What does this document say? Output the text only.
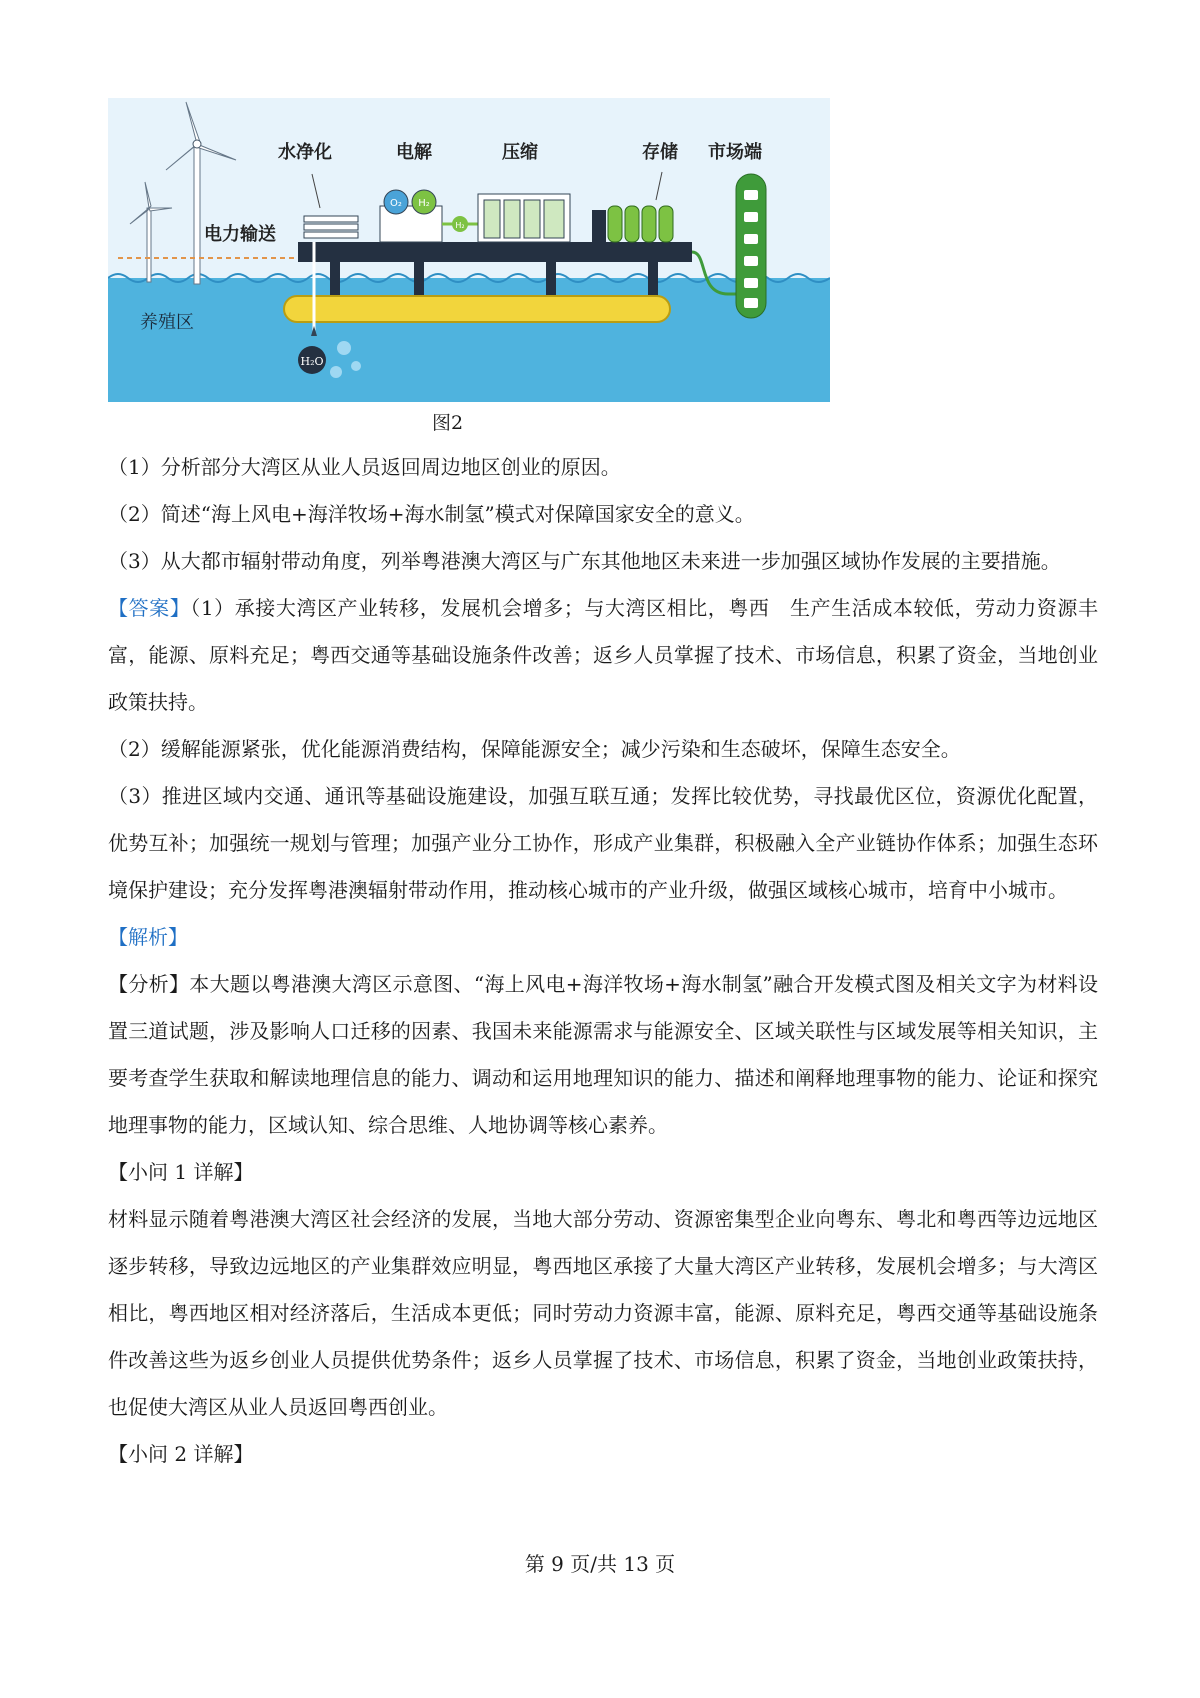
H₂O
O₂ H₂
H₂
水净化	电解	压缩	存储 市场端
电力输送
养殖区
图2

（1）分析部分大湾区从业人员返回周边地区创业的原因。

（2）简述“海上风电+海洋牧场+海水制氢”模式对保障国家安全的意义。

（3）从大都市辐射带动角度，列举粤港澳大湾区与广东其他地区未来进一步加强区域协作发展的主要措施。

【答案】（1）承接大湾区产业转移，发展机会增多；与大湾区相比，粤西　生产生活成本较低，劳动力资源丰富，能源、原料充足；粤西交通等基础设施条件改善；返乡人员掌握了技术、市场信息，积累了资金，当地创业政策扶持。

（2）缓解能源紧张，优化能源消费结构，保障能源安全；减少污染和生态破坏，保障生态安全。

（3）推进区域内交通、通讯等基础设施建设，加强互联互通；发挥比较优势，寻找最优区位，资源优化配置，优势互补；加强统一规划与管理；加强产业分工协作，形成产业集群，积极融入全产业链协作体系；加强生态环境保护建设；充分发挥粤港澳辐射带动作用，推动核心城市的产业升级，做强区域核心城市，培育中小城市。

【解析】

【分析】本大题以粤港澳大湾区示意图、“海上风电+海洋牧场+海水制氢”融合开发模式图及相关文字为材料设置三道试题，涉及影响人口迁移的因素、我国未来能源需求与能源安全、区域关联性与区域发展等相关知识，主要考查学生获取和解读地理信息的能力、调动和运用地理知识的能力、描述和阐释地理事物的能力、论证和探究地理事物的能力，区域认知、综合思维、人地协调等核心素养。

【小问 1 详解】

材料显示随着粤港澳大湾区社会经济的发展，当地大部分劳动、资源密集型企业向粤东、粤北和粤西等边远地区逐步转移，导致边远地区的产业集群效应明显，粤西地区承接了大量大湾区产业转移，发展机会增多；与大湾区相比，粤西地区相对经济落后，生活成本更低；同时劳动力资源丰富，能源、原料充足，粤西交通等基础设施条件改善这些为返乡创业人员提供优势条件；返乡人员掌握了技术、市场信息，积累了资金，当地创业政策扶持，也促使大湾区从业人员返回粤西创业。

【小问 2 详解】

第 9 页/共 13 页
